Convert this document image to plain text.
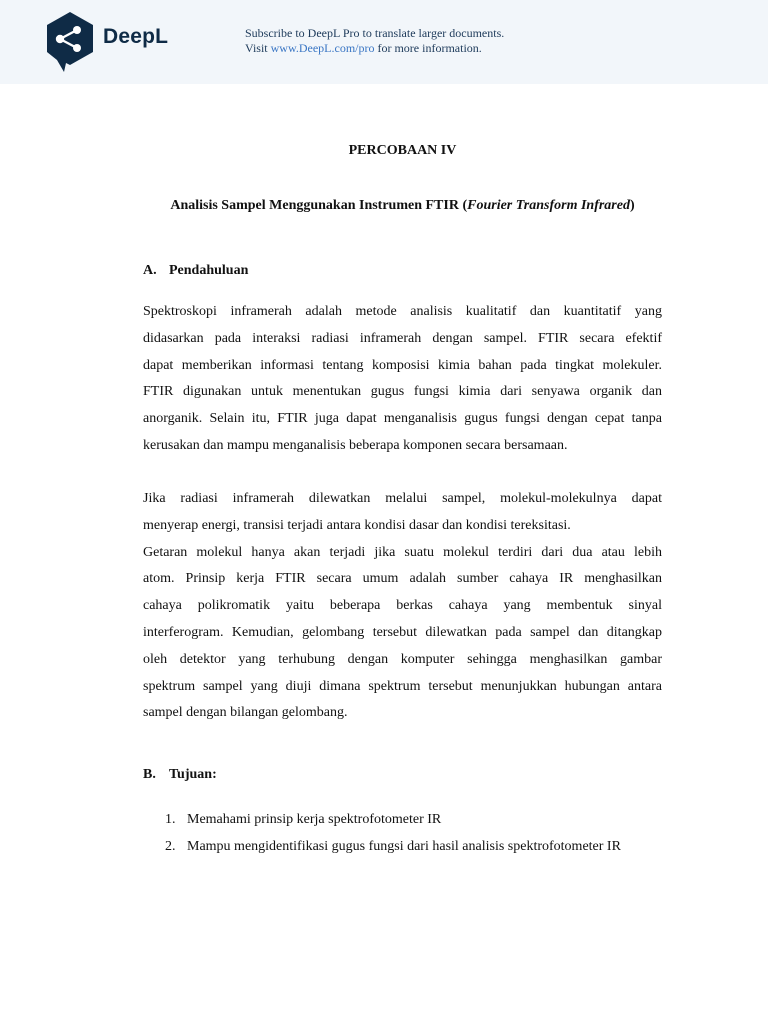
DeepL	Subscribe to DeepL Pro to translate larger documents.
Visit www.DeepL.com/pro for more information.
PERCOBAAN IV
Analisis Sampel Menggunakan Instrumen FTIR (Fourier Transform Infrared)
A. Pendahuluan

Spektroskopi inframerah adalah metode analisis kualitatif dan kuantitatif yang
didasarkan pada interaksi radiasi inframerah dengan sampel. FTIR secara efektif
dapat memberikan informasi tentang komposisi kimia bahan pada tingkat molekuler.
FTIR digunakan untuk menentukan gugus fungsi kimia dari senyawa organik dan
anorganik. Selain itu, FTIR juga dapat menganalisis gugus fungsi dengan cepat tanpa
kerusakan dan mampu menganalisis beberapa komponen secara bersamaan.

Jika radiasi inframerah dilewatkan melalui sampel, molekul-molekulnya dapat
menyerap energi, transisi terjadi antara kondisi dasar dan kondisi tereksitasi.
Getaran molekul hanya akan terjadi jika suatu molekul terdiri dari dua atau lebih
atom. Prinsip kerja FTIR secara umum adalah sumber cahaya IR menghasilkan
cahaya polikromatik yaitu beberapa berkas cahaya yang membentuk sinyal
interferogram. Kemudian, gelombang tersebut dilewatkan pada sampel dan ditangkap
oleh detektor yang terhubung dengan komputer sehingga menghasilkan gambar
spektrum sampel yang diuji dimana spektrum tersebut menunjukkan hubungan antara
sampel dengan bilangan gelombang.

B. Tujuan:
1. Memahami prinsip kerja spektrofotometer IR
2. Mampu mengidentifikasi gugus fungsi dari hasil analisis spektrofotometer IR
